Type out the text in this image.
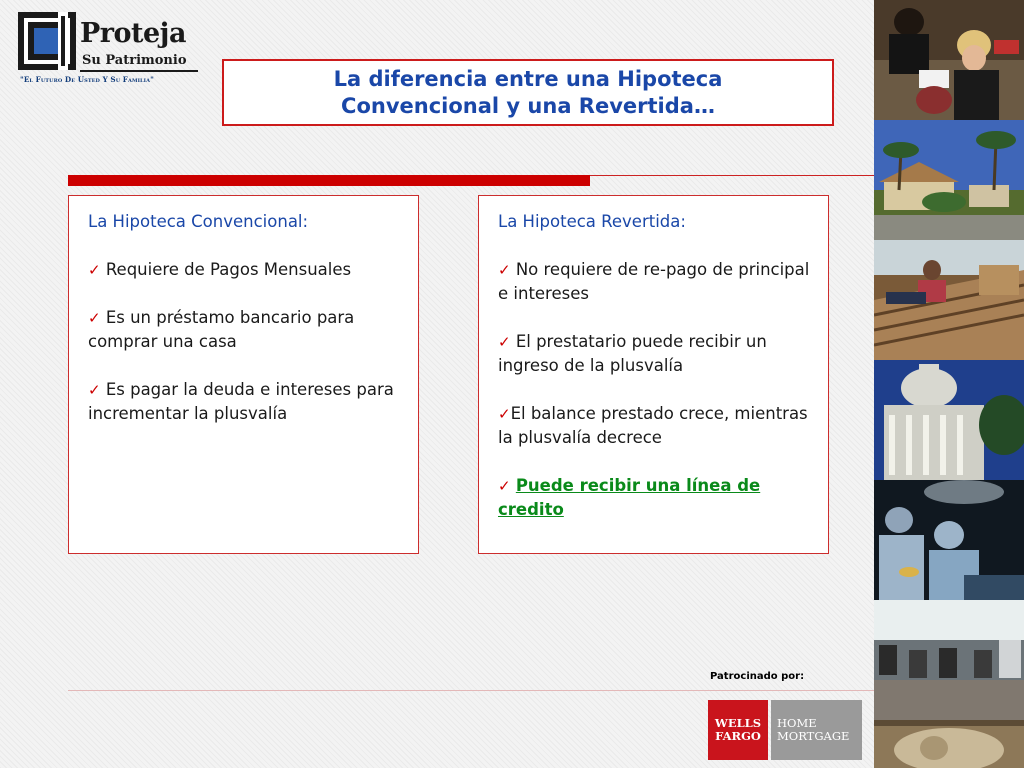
Proteja
Su Patrimonio
"El Futuro De Usted Y Su Familia"	La diferencia entre una Hipoteca
Convencional y una Revertida…
La Hipoteca Convencional:
✓ Requiere de Pagos Mensuales
✓ Es un préstamo bancario para comprar una casa
✓ Es pagar la deuda e intereses para incrementar la plusvalía
La Hipoteca Revertida:
✓ No requiere de re-pago de principal e intereses
✓ El prestatario puede recibir un ingreso de la plusvalía
✓El balance prestado crece, mientras la plusvalía decrece
✓ Puede recibir una línea de credito
Patrocinado por:
WELLS
FARGO
HOME
MORTGAGE
